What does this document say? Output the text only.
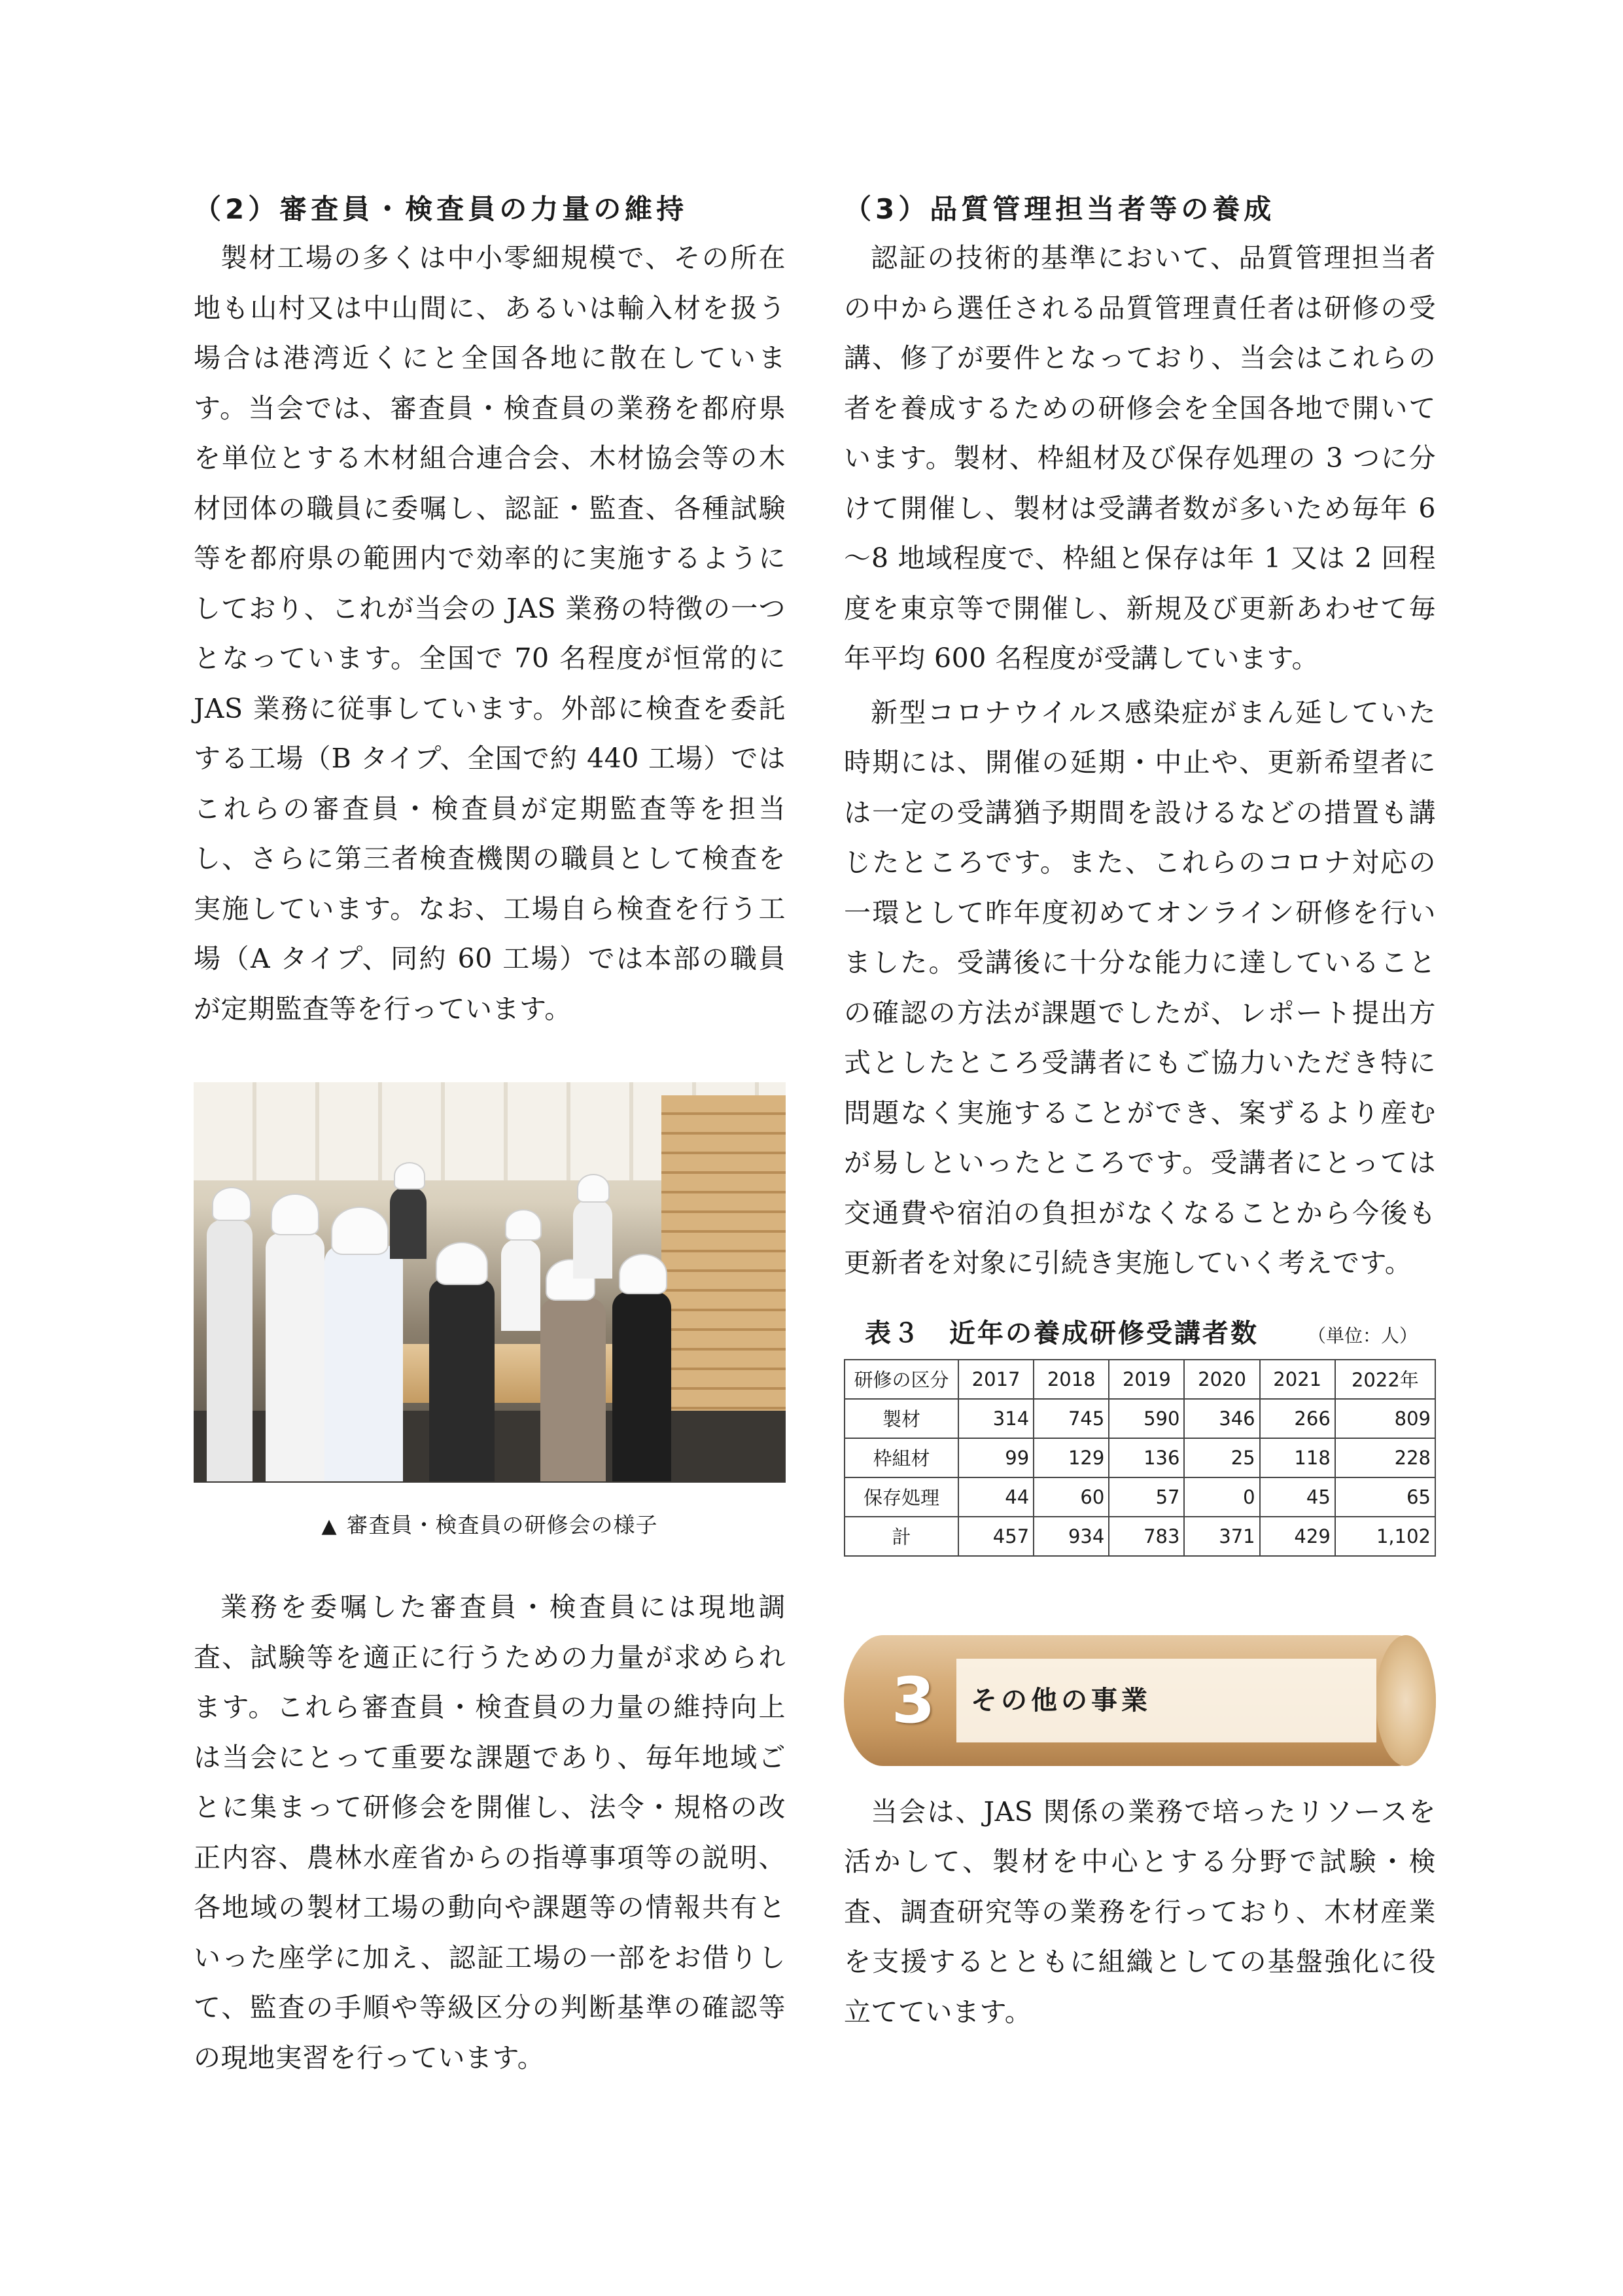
（2）審査員・検査員の力量の維持

製材工場の多くは中小零細規模で、その所在地も山村又は中山間に、あるいは輸入材を扱う場合は港湾近くにと全国各地に散在しています。当会では、審査員・検査員の業務を都府県を単位とする木材組合連合会、木材協会等の木材団体の職員に委嘱し、認証・監査、各種試験等を都府県の範囲内で効率的に実施するようにしており、これが当会の JAS 業務の特徴の一つとなっています。全国で 70 名程度が恒常的に JAS 業務に従事しています。外部に検査を委託する工場（B タイプ、全国で約 440 工場）ではこれらの審査員・検査員が定期監査等を担当し、さらに第三者検査機関の職員として検査を実施しています。なお、工場自ら検査を行う工場（A タイプ、同約 60 工場）では本部の職員が定期監査等を行っています。

▲ 審査員・検査員の研修会の様子

業務を委嘱した審査員・検査員には現地調査、試験等を適正に行うための力量が求められます。これら審査員・検査員の力量の維持向上は当会にとって重要な課題であり、毎年地域ごとに集まって研修会を開催し、法令・規格の改正内容、農林水産省からの指導事項等の説明、各地域の製材工場の動向や課題等の情報共有といった座学に加え、認証工場の一部をお借りして、監査の手順や等級区分の判断基準の確認等の現地実習を行っています。

（3）品質管理担当者等の養成

認証の技術的基準において、品質管理担当者の中から選任される品質管理責任者は研修の受講、修了が要件となっており、当会はこれらの者を養成するための研修会を全国各地で開いています。製材、枠組材及び保存処理の 3 つに分けて開催し、製材は受講者数が多いため毎年 6～8 地域程度で、枠組と保存は年 1 又は 2 回程度を東京等で開催し、新規及び更新あわせて毎年平均 600 名程度が受講しています。

新型コロナウイルス感染症がまん延していた時期には、開催の延期・中止や、更新希望者には一定の受講猶予期間を設けるなどの措置も講じたところです。また、これらのコロナ対応の一環として昨年度初めてオンライン研修を行いました。受講後に十分な能力に達していることの確認の方法が課題でしたが、レポート提出方式としたところ受講者にもご協力いただき特に問題なく実施することができ、案ずるより産むが易しといったところです。受講者にとっては交通費や宿泊の負担がなくなることから今後も更新者を対象に引続き実施していく考えです。

表３　近年の養成研修受講者数	（単位：人）
研修の区分	2017	2018	2019	2020	2021	2022年
製材	314	745	590	346	266	809
枠組材	99	129	136	25	118	228
保存処理	44	60	57	0	45	65
計	457	934	783	371	429	1,102
3	その他の事業

当会は、JAS 関係の業務で培ったリソースを活かして、製材を中心とする分野で試験・検査、調査研究等の業務を行っており、木材産業を支援するとともに組織としての基盤強化に役立てています。
